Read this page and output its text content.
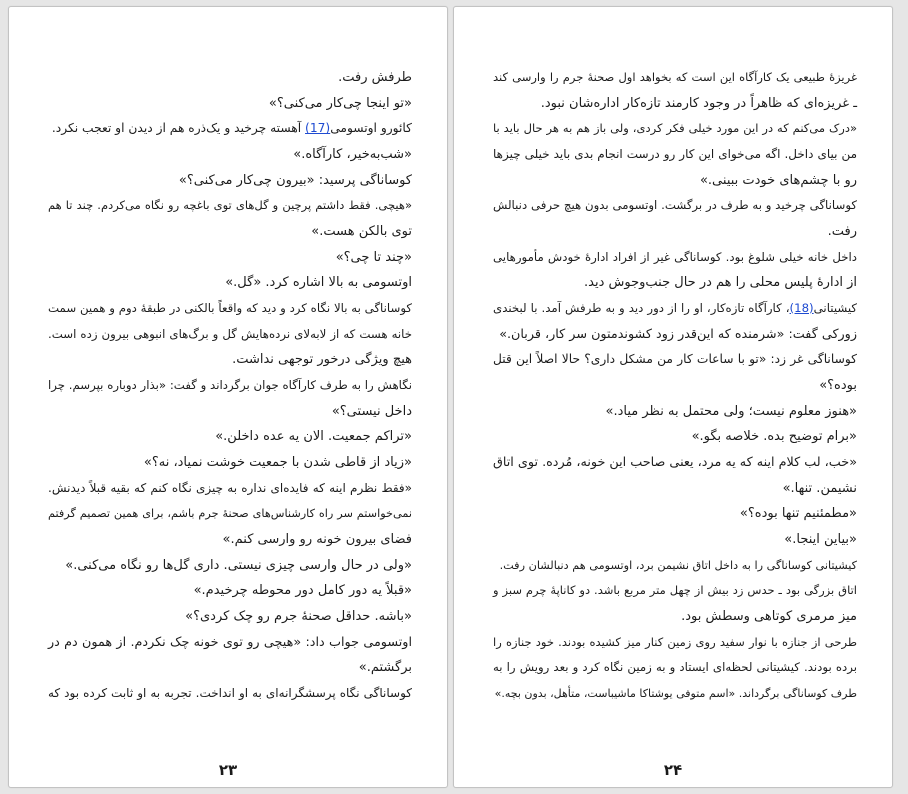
طرفش رفت.
«تو اینجا چی‌کار می‌کنی؟»
کائورو اوتسومی(17) آهسته چرخید و یک‌ذره هم از دیدن او تعجب نکرد.
«شب‌به‌خیر، کارآگاه.»
کوساناگی پرسید: «بیرون چی‌کار می‌کنی؟»
«هیچی. فقط داشتم پرچین و گل‌های توی باغچه رو نگاه می‌کردم. چند تا هم
توی بالکن هست.»
«چند تا چی؟»
اوتسومی به بالا اشاره کرد. «گل.»
کوساناگی به بالا نگاه کرد و دید که واقعاً بالکنی در طبقهٔ دوم و همین سمت
خانه هست که از لابه‌لای نرده‌هایش گل و برگ‌های انبوهی بیرون زده است.
هیچ ویژگی درخور توجهی نداشت.
نگاهش را به طرف کارآگاه جوان برگرداند و گفت: «بذار دوباره بپرسم. چرا
داخل نیستی؟»
«تراکم جمعیت. الان یه عده داخلن.»
«زیاد از قاطی شدن با جمعیت خوشت نمیاد، نه؟»
«فقط نظرم اینه که فایده‌ای نداره به چیزی نگاه کنم که بقیه قبلاً دیدنش.
نمی‌خواستم سر راه کارشناس‌های صحنهٔ جرم باشم، برای همین تصمیم گرفتم
فضای بیرون خونه رو وارسی کنم.»
«ولی در حال وارسی چیزی نیستی. داری گل‌ها رو نگاه می‌کنی.»
«قبلاً یه دور کامل دور محوطه چرخیدم.»
«باشه. حداقل صحنهٔ جرم رو چک کردی؟»
اوتسومی جواب داد: «هیچی رو توی خونه چک نکردم. از همون دم در
برگشتم.»
کوساناگی نگاه پرسشگرانه‌ای به او انداخت. تجربه به او ثابت کرده بود که
۲۳
غریزهٔ طبیعی یک کارآگاه این است که بخواهد اول صحنهٔ جرم را وارسی کند
ـ غریزه‌ای که ظاهراً در وجود کارمند تازه‌کار اداره‌شان نبود.
«درک می‌کنم که در این مورد خیلی فکر کردی، ولی باز هم به هر حال باید با
من بیای داخل. اگه می‌خوای این کار رو درست انجام بدی باید خیلی چیزها
رو با چشم‌های خودت ببینی.»
کوساناگی چرخید و به طرف در برگشت. اوتسومی بدون هیچ حرفی دنبالش
رفت.
داخل خانه خیلی شلوغ بود. کوساناگی غیر از افراد ادارهٔ خودش مأمورهایی
از ادارهٔ پلیس محلی را هم در حال جنب‌وجوش دید.
کیشیتانی(18)، کارآگاه تازه‌کار، او را از دور دید و به طرفش آمد. با لبخندی
زورکی گفت: «شرمنده که این‌قدر زود کشوندمتون سر کار، قربان.»
کوساناگی غر زد: «تو با ساعات کار من مشکل داری؟ حالا اصلاً این قتل
بوده؟»
«هنوز معلوم نیست؛ ولی محتمل به نظر میاد.»
«برام توضیح بده. خلاصه بگو.»
«خب، لب کلام اینه که یه مرد، یعنی صاحب این خونه، مُرده. توی اتاق
نشیمن. تنها.»
«مطمئنیم تنها بوده؟»
«بیاین اینجا.»
کیشیتانی کوساناگی را به داخل اتاق نشیمن برد، اوتسومی هم دنبالشان رفت.
اتاق بزرگی بود ـ حدس زد بیش از چهل متر مربع باشد. دو کاناپهٔ چرم سبز و
میز مرمری کوتاهی وسطش بود.
طرحی از جنازه با نوار سفید روی زمین کنار میز کشیده بودند. خود جنازه را
برده بودند. کیشیتانی لحظه‌ای ایستاد و به زمین نگاه کرد و بعد رویش را به
طرف کوساناگی برگرداند. «اسم متوفی یوشتاکا ماشیباست، متأهل، بدون بچه.»
۲۴
